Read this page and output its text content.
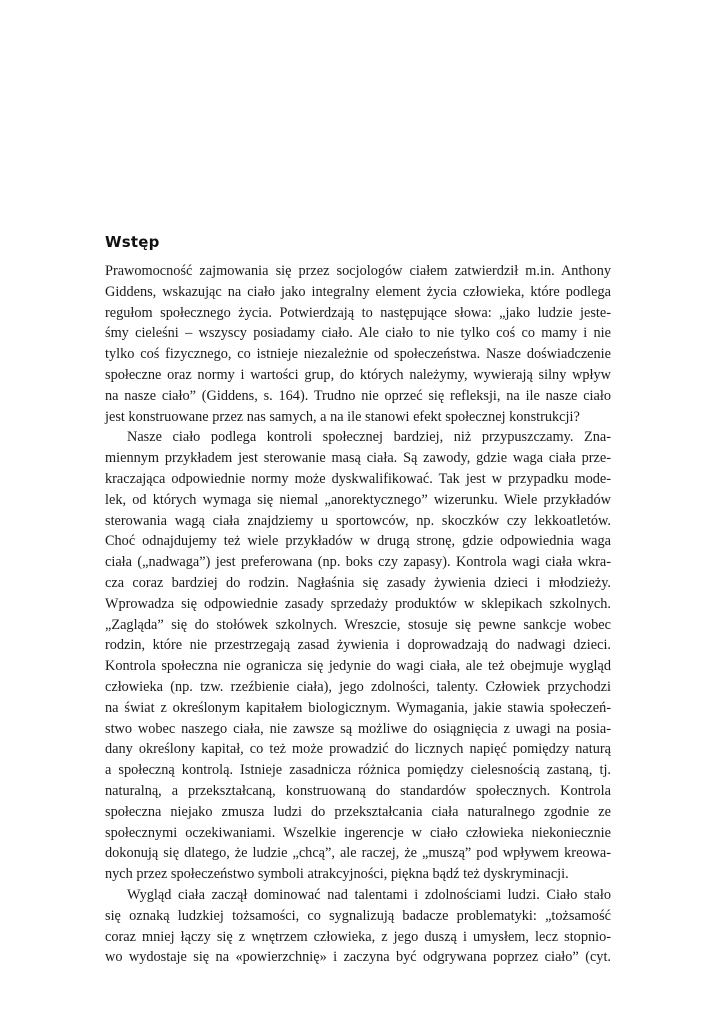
Wstęp
Prawomocność zajmowania się przez socjologów ciałem zatwierdził m.in. Anthony
Giddens, wskazując na ciało jako integralny element życia człowieka, które podlega
regułom społecznego życia. Potwierdzają to następujące słowa: „jako ludzie jeste-
śmy cieleśni – wszyscy posiadamy ciało. Ale ciało to nie tylko coś co mamy i nie
tylko coś fizycznego, co istnieje niezależnie od społeczeństwa. Nasze doświadczenie
społeczne oraz normy i wartości grup, do których należymy, wywierają silny wpływ
na nasze ciało” (Giddens, s. 164). Trudno nie oprzeć się refleksji, na ile nasze ciało
jest konstruowane przez nas samych, a na ile stanowi efekt społecznej konstrukcji?
Nasze ciało podlega kontroli społecznej bardziej, niż przypuszczamy. Zna-
miennym przykładem jest sterowanie masą ciała. Są zawody, gdzie waga ciała prze-
kraczająca odpowiednie normy może dyskwalifikować. Tak jest w przypadku mode-
lek, od których wymaga się niemal „anorektycznego” wizerunku. Wiele przykładów
sterowania wagą ciała znajdziemy u sportowców, np. skoczków czy lekkoatletów.
Choć odnajdujemy też wiele przykładów w drugą stronę, gdzie odpowiednia waga
ciała („nadwaga”) jest preferowana (np. boks czy zapasy). Kontrola wagi ciała wkra-
cza coraz bardziej do rodzin. Nagłaśnia się zasady żywienia dzieci i młodzieży.
Wprowadza się odpowiednie zasady sprzedaży produktów w sklepikach szkolnych.
„Zagląda” się do stołówek szkolnych. Wreszcie, stosuje się pewne sankcje wobec
rodzin, które nie przestrzegają zasad żywienia i doprowadzają do nadwagi dzieci.
Kontrola społeczna nie ogranicza się jedynie do wagi ciała, ale też obejmuje wygląd
człowieka (np. tzw. rzeźbienie ciała), jego zdolności, talenty. Człowiek przychodzi
na świat z określonym kapitałem biologicznym. Wymagania, jakie stawia społeczeń-
stwo wobec naszego ciała, nie zawsze są możliwe do osiągnięcia z uwagi na posia-
dany określony kapitał, co też może prowadzić do licznych napięć pomiędzy naturą
a społeczną kontrolą. Istnieje zasadnicza różnica pomiędzy cielesnością zastaną, tj.
naturalną, a przekształcaną, konstruowaną do standardów społecznych. Kontrola
społeczna niejako zmusza ludzi do przekształcania ciała naturalnego zgodnie ze
społecznymi oczekiwaniami. Wszelkie ingerencje w ciało człowieka niekoniecznie
dokonują się dlatego, że ludzie „chcą”, ale raczej, że „muszą” pod wpływem kreowa-
nych przez społeczeństwo symboli atrakcyjności, piękna bądź też dyskryminacji.
Wygląd ciała zaczął dominować nad talentami i zdolnościami ludzi. Ciało stało
się oznaką ludzkiej tożsamości, co sygnalizują badacze problematyki: „tożsamość
coraz mniej łączy się z wnętrzem człowieka, z jego duszą i umysłem, lecz stopnio-
wo wydostaje się na «powierzchnię» i zaczyna być odgrywana poprzez ciało” (cyt.
